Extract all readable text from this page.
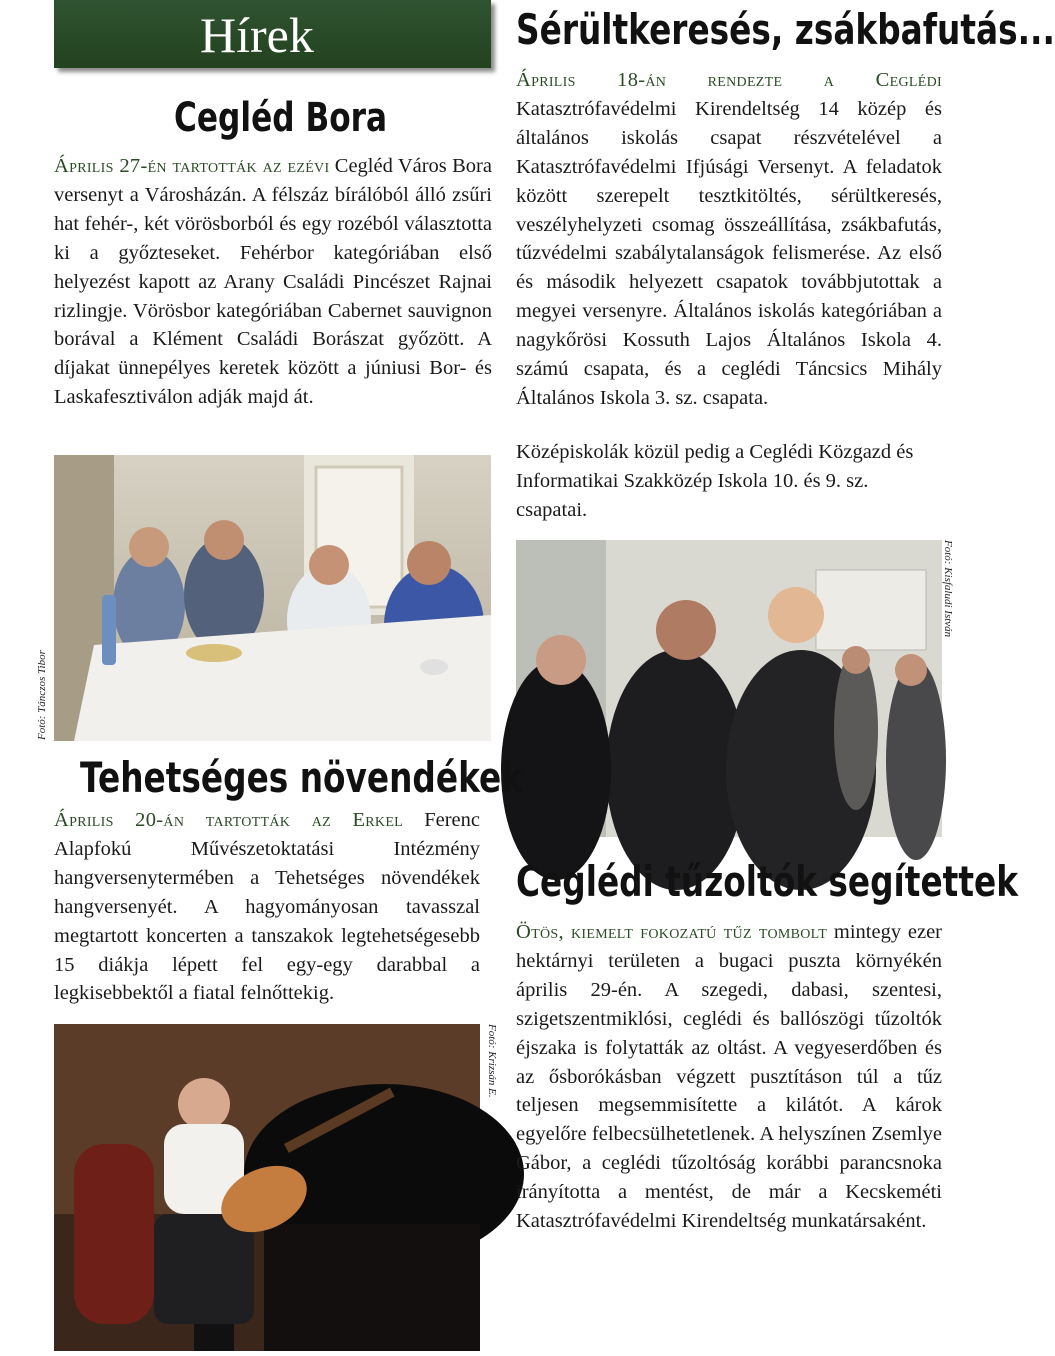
Hírek
Cegléd Bora
Április 27-én tartották az ezévi Cegléd Város Bora versenyt a Városházán. A félszáz bírálóból álló zsűri hat fehér-, két vörösborból és egy rozéból választotta ki a győzteseket. Fehérbor kategóriában első helyezést kapott az Arany Családi Pincészet Rajnai rizlingje. Vörösbor kategóriában Cabernet sauvignon borával a Klément Családi Borászat győzött. A díjakat ünnepélyes keretek között a júniusi Bor- és Laskafesztiválon adják majd át.
Sérültkeresés, zsákbafutás...
Április 18-án rendezte a Ceglédi Katasztrófavédelmi Kirendeltség 14 közép és általános iskolás csapat részvételével a Katasztrófavédelmi Ifjúsági Versenyt. A feladatok között szerepelt tesztkitöltés, sérültkeresés, veszélyhelyzeti csomag összeállítása, zsákbafutás, tűzvédelmi szabálytalanságok felismerése. Az első és második helyezett csapatok továbbjutottak a megyei versenyre. Általános iskolás kategóriában a nagykőrösi Kossuth Lajos Általános Iskola 4. számú csapata, és a ceglédi Táncsics Mihály Általános Iskola 3. sz. csapata.
Középiskolák közül pedig a Ceglédi Közgazd és Informatikai Szakközép Iskola 10. és 9. sz. csapatai.
Fotó: Tánczos Tibor
Fotó: Kisfaludi István
Tehetséges növendékek
Április 20-án tartották az Erkel Ferenc Alapfokú Művészetoktatási Intézmény hangversenytermében a Tehetséges növendékek hangversenyét. A hagyományosan tavasszal megtartott koncerten a tanszakok legtehetségesebb 15 diákja lépett fel egy-egy darabbal a legkisebbektől a fiatal felnőttekig.
Fotó: Krizsán E.
Ceglédi tűzoltók segítettek
Ötös, kiemelt fokozatú tűz tombolt mintegy ezer hektárnyi területen a bugaci puszta környékén április 29-én. A szegedi, dabasi, szentesi, szigetszentmiklósi, ceglédi és ballószögi tűzoltók éjszaka is folytatták az oltást. A vegyeserdőben és az ősborókásban végzett pusztításon túl a tűz teljesen megsemmisítette a kilátót. A károk egyelőre felbecsülhetetlenek. A helyszínen Zsemlye Gábor, a ceglédi tűzoltóság korábbi parancsnoka irányította a mentést, de már a Kecskeméti Katasztrófavédelmi Kirendeltség munkatársaként.
